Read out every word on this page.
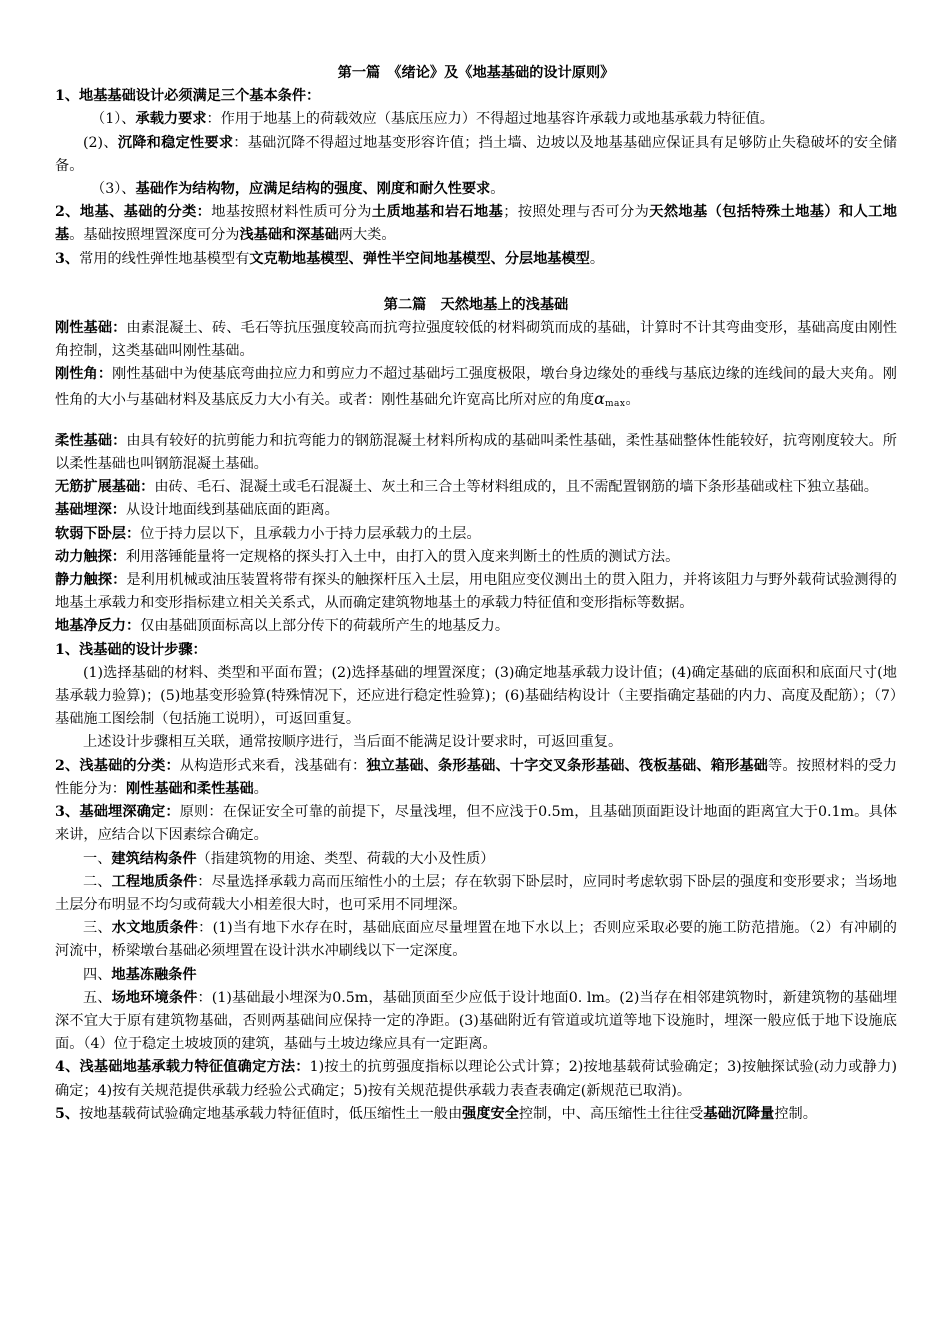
第一篇　《绪论》及《地基基础的设计原则》

1、地基基础设计必须满足三个基本条件：

（1）、承载力要求：作用于地基上的荷载效应（基底压应力）不得超过地基容许承载力或地基承载力特征值。

(2)、沉降和稳定性要求：基础沉降不得超过地基变形容许值；挡土墙、边坡以及地基基础应保证具有足够防止失稳破坏的安全储备。

（3）、基础作为结构物，应满足结构的强度、刚度和耐久性要求。

2、地基、基础的分类：地基按照材料性质可分为土质地基和岩石地基；按照处理与否可分为天然地基（包括特殊土地基）和人工地基。基础按照埋置深度可分为浅基础和深基础两大类。

3、常用的线性弹性地基模型有文克勒地基模型、弹性半空间地基模型、分层地基模型。

第二篇　天然地基上的浅基础

刚性基础：由素混凝土、砖、毛石等抗压强度较高而抗弯拉强度较低的材料砌筑而成的基础，计算时不计其弯曲变形，基础高度由刚性角控制，这类基础叫刚性基础。

刚性角：刚性基础中为使基底弯曲拉应力和剪应力不超过基础圬工强度极限，墩台身边缘处的垂线与基底边缘的连线间的最大夹角。刚性角的大小与基础材料及基底反力大小有关。或者：刚性基础允许宽高比所对应的角度$\alpha_{max}$。

柔性基础：由具有较好的抗剪能力和抗弯能力的钢筋混凝土材料所构成的基础叫柔性基础，柔性基础整体性能较好，抗弯刚度较大。所以柔性基础也叫钢筋混凝土基础。

无筋扩展基础：由砖、毛石、混凝土或毛石混凝土、灰土和三合土等材料组成的，且不需配置钢筋的墙下条形基础或柱下独立基础。

基础埋深：从设计地面线到基础底面的距离。

软弱下卧层：位于持力层以下，且承载力小于持力层承载力的土层。

动力触探：利用落锤能量将一定规格的探头打入土中，由打入的贯入度来判断土的性质的测试方法。

静力触探：是利用机械或油压装置将带有探头的触探杆压入土层，用电阻应变仪测出土的贯入阻力，并将该阻力与野外载荷试验测得的地基土承载力和变形指标建立相关关系式，从而确定建筑物地基土的承载力特征值和变形指标等数据。

地基净反力：仅由基础顶面标高以上部分传下的荷载所产生的地基反力。

1、浅基础的设计步骤：

(1)选择基础的材料、类型和平面布置；(2)选择基础的埋置深度；(3)确定地基承载力设计值；(4)确定基础的底面积和底面尺寸(地基承载力验算)；(5)地基变形验算(特殊情况下，还应进行稳定性验算)；(6)基础结构设计（主要指确定基础的内力、高度及配筋）；（7）基础施工图绘制（包括施工说明），可返回重复。

上述设计步骤相互关联，通常按顺序进行，当后面不能满足设计要求时，可返回重复。

2、浅基础的分类：从构造形式来看，浅基础有：独立基础、条形基础、十字交叉条形基础、筏板基础、箱形基础等。按照材料的受力性能分为：刚性基础和柔性基础。

3、基础埋深确定：原则：在保证安全可靠的前提下，尽量浅埋，但不应浅于0.5m，且基础顶面距设计地面的距离宜大于0.1m。具体来讲，应结合以下因素综合确定。

一、建筑结构条件（指建筑物的用途、类型、荷载的大小及性质）

二、工程地质条件：尽量选择承载力高而压缩性小的土层；存在软弱下卧层时，应同时考虑软弱下卧层的强度和变形要求；当场地土层分布明显不均匀或荷载大小相差很大时，也可采用不同埋深。

三、水文地质条件：(1)当有地下水存在时，基础底面应尽量埋置在地下水以上；否则应采取必要的施工防范措施。（2）有冲刷的河流中，桥梁墩台基础必须埋置在设计洪水冲刷线以下一定深度。

四、地基冻融条件

五、场地环境条件：(1)基础最小埋深为0.5m，基础顶面至少应低于设计地面0. lm。(2)当存在相邻建筑物时，新建筑物的基础埋深不宜大于原有建筑物基础，否则两基础间应保持一定的净距。(3)基础附近有管道或坑道等地下设施时，埋深一般应低于地下设施底面。（4）位于稳定土坡坡顶的建筑，基础与土坡边缘应具有一定距离。

4、浅基础地基承载力特征值确定方法：1)按土的抗剪强度指标以理论公式计算；2)按地基载荷试验确定；3)按触探试验(动力或静力)确定；4)按有关规范提供承载力经验公式确定；5)按有关规范提供承载力表查表确定(新规范已取消)。

5、按地基载荷试验确定地基承载力特征值时，低压缩性土一般由强度安全控制，中、高压缩性土往往受基础沉降量控制。
